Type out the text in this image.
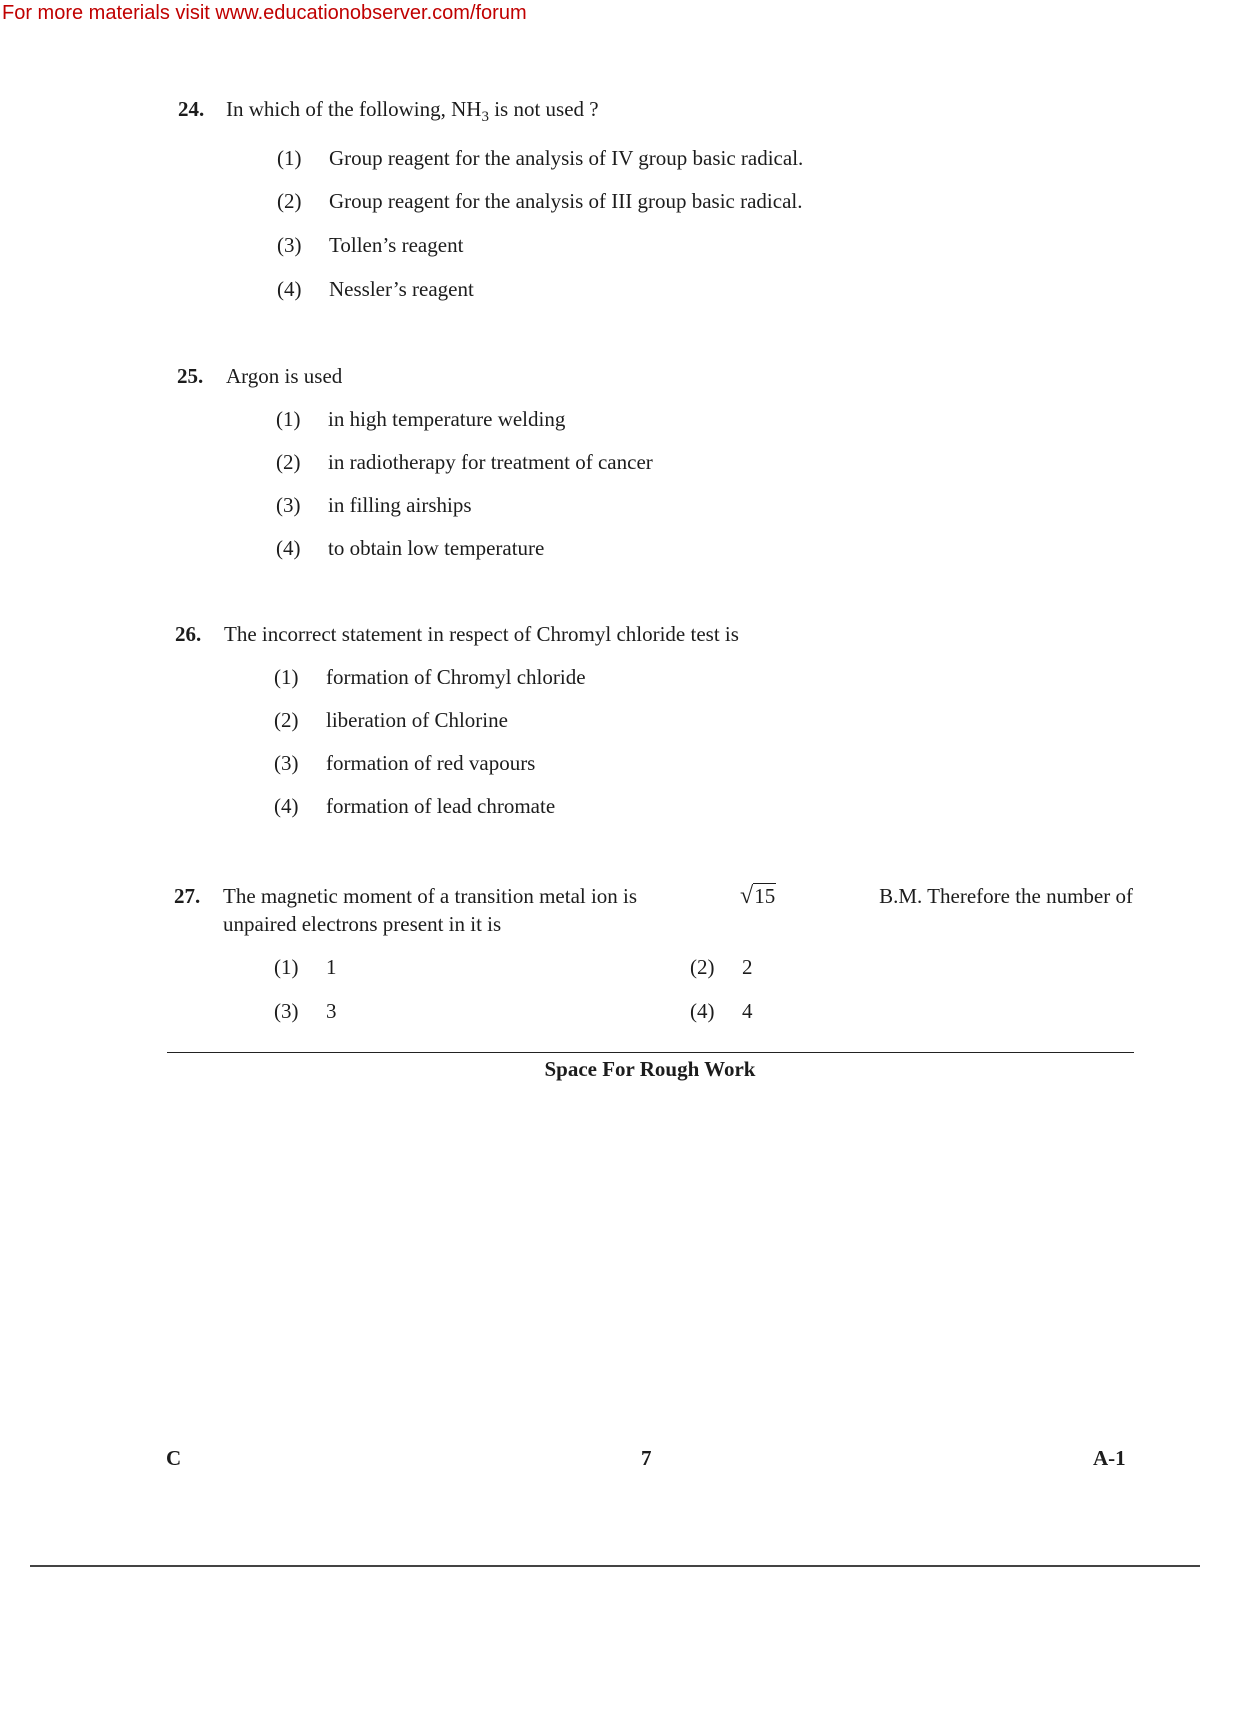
For more materials visit www.educationobserver.com/forum
24. In which of the following, $NH_3$ is not used ?
(1) Group reagent for the analysis of IV group basic radical.
(2) Group reagent for the analysis of III group basic radical.
(3) Tollen’s reagent
(4) Nessler’s reagent
25. Argon is used
(1) in high temperature welding
(2) in radiotherapy for treatment of cancer
(3) in filling airships
(4) to obtain low temperature
26. The incorrect statement in respect of Chromyl chloride test is
(1) formation of Chromyl chloride
(2) liberation of Chlorine
(3) formation of red vapours
(4) formation of lead chromate
27. The magnetic moment of a transition metal ion is	√15	B.M. Therefore the number of
unpaired electrons present in it is
(1) 1	(2) 2
(3) 3	(4) 4
Space For Rough Work
C	7	A-1
